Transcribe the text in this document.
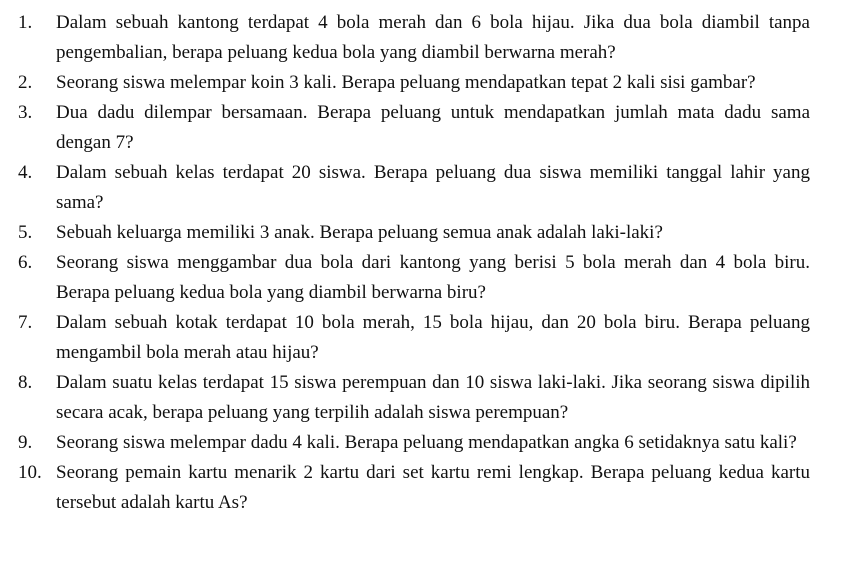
1.	Dalam sebuah kantong terdapat 4 bola merah dan 6 bola hijau. Jika dua bola diambil tanpa pengembalian, berapa peluang kedua bola yang diambil berwarna merah?
2.	Seorang siswa melempar koin 3 kali. Berapa peluang mendapatkan tepat 2 kali sisi gambar?
3.	Dua dadu dilempar bersamaan. Berapa peluang untuk mendapatkan jumlah mata dadu sama dengan 7?
4.	Dalam sebuah kelas terdapat 20 siswa. Berapa peluang dua siswa memiliki tanggal lahir yang sama?
5.	Sebuah keluarga memiliki 3 anak. Berapa peluang semua anak adalah laki-laki?
6.	Seorang siswa menggambar dua bola dari kantong yang berisi 5 bola merah dan 4 bola biru. Berapa peluang kedua bola yang diambil berwarna biru?
7.	Dalam sebuah kotak terdapat 10 bola merah, 15 bola hijau, dan 20 bola biru. Berapa peluang mengambil bola merah atau hijau?
8.	Dalam suatu kelas terdapat 15 siswa perempuan dan 10 siswa laki-laki. Jika seorang siswa dipilih secara acak, berapa peluang yang terpilih adalah siswa perempuan?
9.	Seorang siswa melempar dadu 4 kali. Berapa peluang mendapatkan angka 6 setidaknya satu kali?
10. Seorang pemain kartu menarik 2 kartu dari set kartu remi lengkap. Berapa peluang kedua kartu tersebut adalah kartu As?
